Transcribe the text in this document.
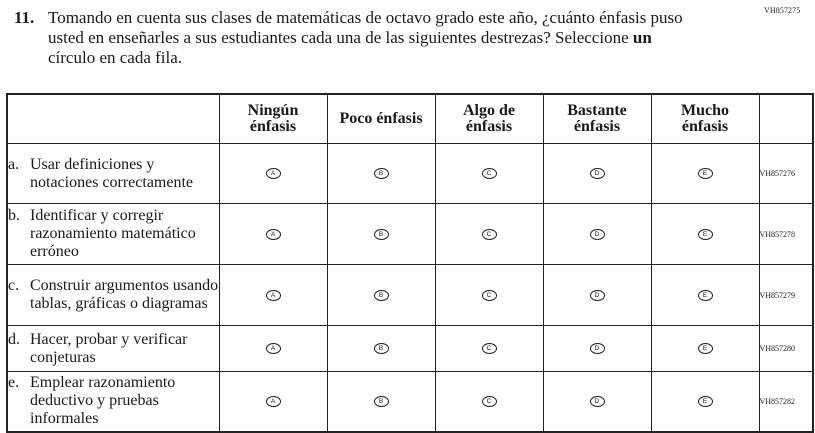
VH857275
11. Tomando en cuenta sus clases de matemáticas de octavo grado este año, ¿cuánto énfasis puso usted en enseñarles a sus estudiantes cada una de las siguientes destrezas? Seleccione un círculo en cada fila.
	Ningún énfasis	Poco énfasis	Algo de énfasis	Bastante énfasis	Mucho énfasis	

a. Usar definiciones y notaciones correctamente	A	B	C	D	E	VH857276

b. Identificar y corregir razonamiento matemático erróneo	A	B	C	D	E	VH857278

c. Construir argumentos usando tablas, gráficas o diagramas	A	B	C	D	E	VH857279

d. Hacer, probar y verificar conjeturas	A	B	C	D	E	VH857280

e. Emplear razonamiento deductivo y pruebas informales	A	B	C	D	E	VH857282
